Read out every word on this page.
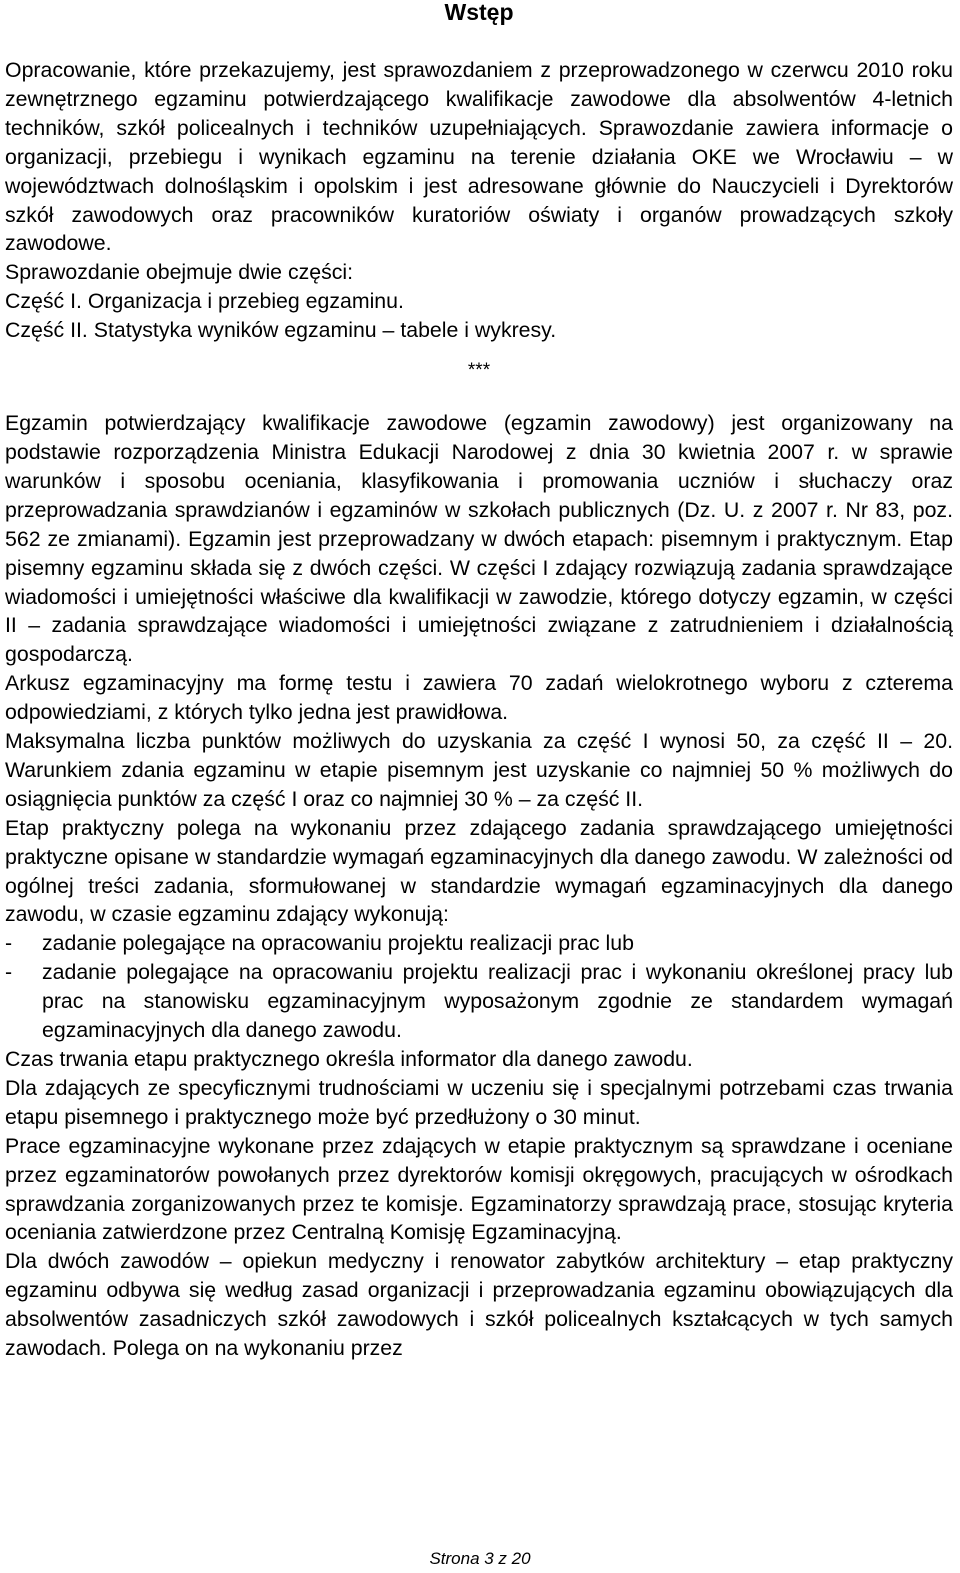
Wstęp

Opracowanie, które przekazujemy, jest sprawozdaniem z przeprowadzonego w czerwcu 2010 roku zewnętrznego egzaminu potwierdzającego kwalifikacje zawodowe dla absolwentów 4-letnich techników, szkół policealnych i techników uzupełniających. Sprawozdanie zawiera informacje o organizacji, przebiegu i wynikach egzaminu na terenie działania OKE we Wrocławiu – w województwach dolnośląskim i opolskim i jest adresowane głównie do Nauczycieli i Dyrektorów szkół zawodowych oraz pracowników kuratoriów oświaty i organów prowadzących szkoły zawodowe.

Sprawozdanie obejmuje dwie części:

Część I. Organizacja i przebieg egzaminu.

Część II. Statystyka wyników egzaminu – tabele i wykresy.

***

Egzamin potwierdzający kwalifikacje zawodowe (egzamin zawodowy) jest organizowany na podstawie rozporządzenia Ministra Edukacji Narodowej z dnia 30 kwietnia 2007 r. w sprawie warunków i sposobu oceniania, klasyfikowania i promowania uczniów i słuchaczy oraz przeprowadzania sprawdzianów i egzaminów w szkołach publicznych (Dz. U. z 2007 r. Nr 83, poz. 562 ze zmianami). Egzamin jest przeprowadzany w dwóch etapach: pisemnym i praktycznym. Etap pisemny egzaminu składa się z dwóch części. W części I zdający rozwiązują zadania sprawdzające wiadomości i umiejętności właściwe dla kwalifikacji w zawodzie, którego dotyczy egzamin, w części II – zadania sprawdzające wiadomości i umiejętności związane z zatrudnieniem i działalnością gospodarczą.

Arkusz egzaminacyjny ma formę testu i zawiera 70 zadań wielokrotnego wyboru z czterema odpowiedziami, z których tylko jedna jest prawidłowa.

Maksymalna liczba punktów możliwych do uzyskania za część I wynosi 50, za część II – 20. Warunkiem zdania egzaminu w etapie pisemnym jest uzyskanie co najmniej 50 % możliwych do osiągnięcia punktów za część I oraz co najmniej 30 % – za część II.

Etap praktyczny polega na wykonaniu przez zdającego zadania sprawdzającego umiejętności praktyczne opisane w standardzie wymagań egzaminacyjnych dla danego zawodu. W zależności od ogólnej treści zadania, sformułowanej w standardzie wymagań egzaminacyjnych dla danego zawodu, w czasie egzaminu zdający wykonują:

-	zadanie polegające na opracowaniu projektu realizacji prac lub
-	zadanie polegające na opracowaniu projektu realizacji prac i wykonaniu określonej pracy lub prac na stanowisku egzaminacyjnym wyposażonym zgodnie ze standardem wymagań egzaminacyjnych dla danego zawodu.

Czas trwania etapu praktycznego określa informator dla danego zawodu.

Dla zdających ze specyficznymi trudnościami w uczeniu się i specjalnymi potrzebami czas trwania etapu pisemnego i praktycznego może być przedłużony o 30 minut.

Prace egzaminacyjne wykonane przez zdających w etapie praktycznym są sprawdzane i oceniane przez egzaminatorów powołanych przez dyrektorów komisji okręgowych, pracujących w ośrodkach sprawdzania zorganizowanych przez te komisje. Egzaminatorzy sprawdzają prace, stosując kryteria oceniania zatwierdzone przez Centralną Komisję Egzaminacyjną.

Dla dwóch zawodów – opiekun medyczny i renowator zabytków architektury – etap praktyczny egzaminu odbywa się według zasad organizacji i przeprowadzania egzaminu obowiązujących dla absolwentów zasadniczych szkół zawodowych i szkół policealnych kształcących w tych samych zawodach. Polega on na wykonaniu przez

Strona 3 z 20
